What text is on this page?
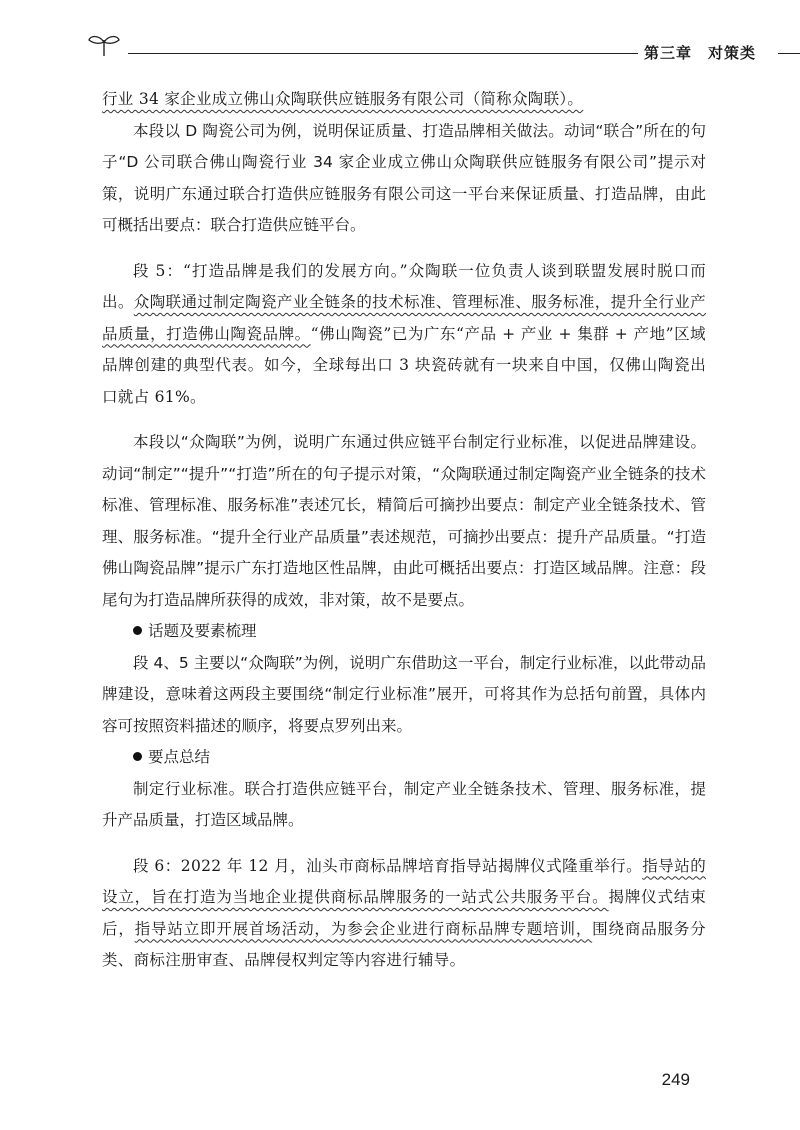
第三章　对策类

行业 34 家企业成立佛山众陶联供应链服务有限公司（简称众陶联）。

本段以 D 陶瓷公司为例，说明保证质量、打造品牌相关做法。动词“联合”所在的句子“D 公司联合佛山陶瓷行业 34 家企业成立佛山众陶联供应链服务有限公司”提示对策，说明广东通过联合打造供应链服务有限公司这一平台来保证质量、打造品牌，由此可概括出要点：联合打造供应链平台。

段 5：“打造品牌是我们的发展方向。”众陶联一位负责人谈到联盟发展时脱口而出。众陶联通过制定陶瓷产业全链条的技术标准、管理标准、服务标准，提升全行业产品质量，打造佛山陶瓷品牌。“佛山陶瓷”已为广东“产品 + 产业 + 集群 + 产地”区域品牌创建的典型代表。如今，全球每出口 3 块瓷砖就有一块来自中国，仅佛山陶瓷出口就占 61%。

本段以“众陶联”为例，说明广东通过供应链平台制定行业标准，以促进品牌建设。动词“制定”“提升”“打造”所在的句子提示对策，“众陶联通过制定陶瓷产业全链条的技术标准、管理标准、服务标准”表述冗长，精简后可摘抄出要点：制定产业全链条技术、管理、服务标准。“提升全行业产品质量”表述规范，可摘抄出要点：提升产品质量。“打造佛山陶瓷品牌”提示广东打造地区性品牌，由此可概括出要点：打造区域品牌。注意：段尾句为打造品牌所获得的成效，非对策，故不是要点。

话题及要素梳理

段 4、5 主要以“众陶联”为例，说明广东借助这一平台，制定行业标准，以此带动品牌建设，意味着这两段主要围绕“制定行业标准”展开，可将其作为总括句前置，具体内容可按照资料描述的顺序，将要点罗列出来。

要点总结

制定行业标准。联合打造供应链平台，制定产业全链条技术、管理、服务标准，提升产品质量，打造区域品牌。

段 6：2022 年 12 月，汕头市商标品牌培育指导站揭牌仪式隆重举行。指导站的设立，旨在打造为当地企业提供商标品牌服务的一站式公共服务平台。揭牌仪式结束后，指导站立即开展首场活动，为参会企业进行商标品牌专题培训，围绕商品服务分类、商标注册审查、品牌侵权判定等内容进行辅导。

249
